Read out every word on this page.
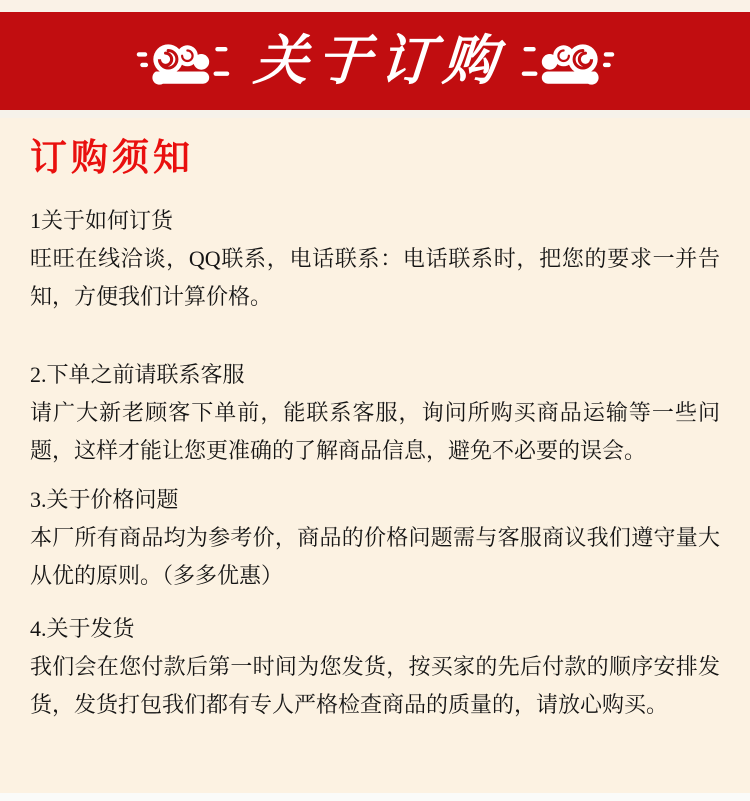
关于订购
订购须知

1关于如何订货

旺旺在线洽谈，QQ联系，电话联系：电话联系时，把您的要求一并告知，方便我们计算价格。

2.下单之前请联系客服

请广大新老顾客下单前，能联系客服，询问所购买商品运输等一些问题，这样才能让您更准确的了解商品信息，避免不必要的误会。

3.关于价格问题

本厂所有商品均为参考价，商品的价格问题需与客服商议我们遵守量大从优的原则。（多多优惠）

4.关于发货

我们会在您付款后第一时间为您发货，按买家的先后付款的顺序安排发货，发货打包我们都有专人严格检查商品的质量的，请放心购买。
